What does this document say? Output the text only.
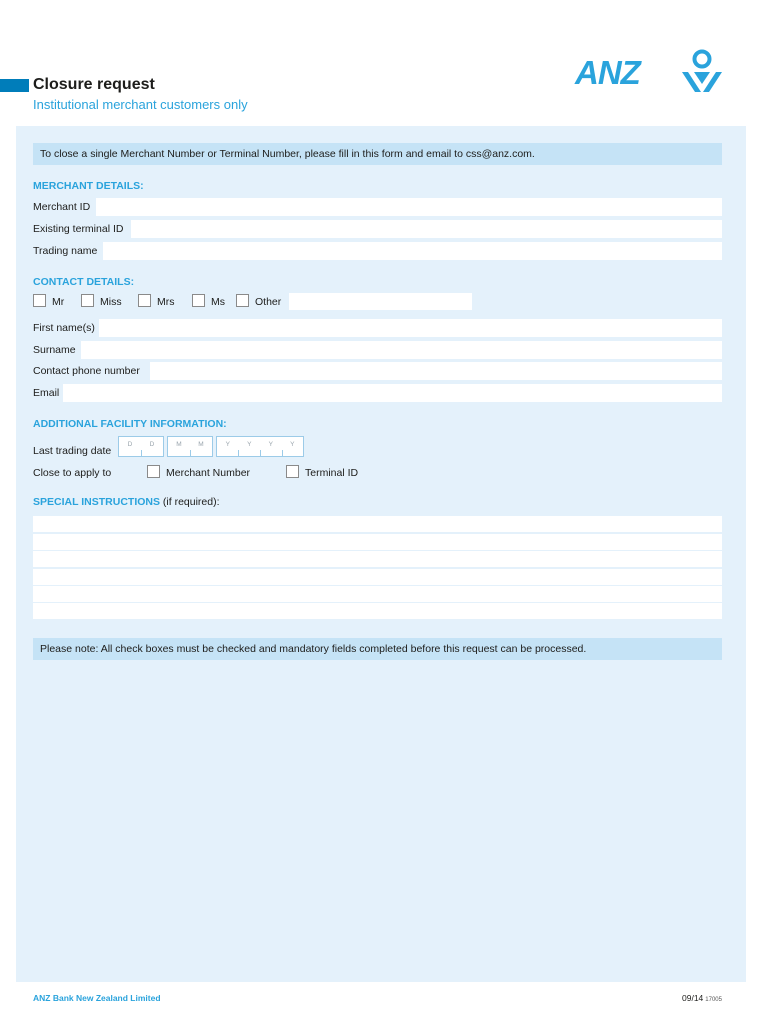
Closure request
Institutional merchant customers only
ANZ
To close a single Merchant Number or Terminal Number, please fill in this form and email to css@anz.com.
MERCHANT DETAILS:
Merchant ID
Existing terminal ID
Trading name
CONTACT DETAILS:
Mr	Miss	Mrs	Ms	Other
First name(s)
Surname
Contact phone number
Email
ADDITIONAL FACILITY INFORMATION:
Last trading date
D	D	M	M	Y	Y	Y	Y
Close to apply to	Merchant Number	Terminal ID
SPECIAL INSTRUCTIONS (if required):
Please note: All check boxes must be checked and mandatory fields completed before this request can be processed.
ANZ Bank New Zealand Limited	09/14 17005
